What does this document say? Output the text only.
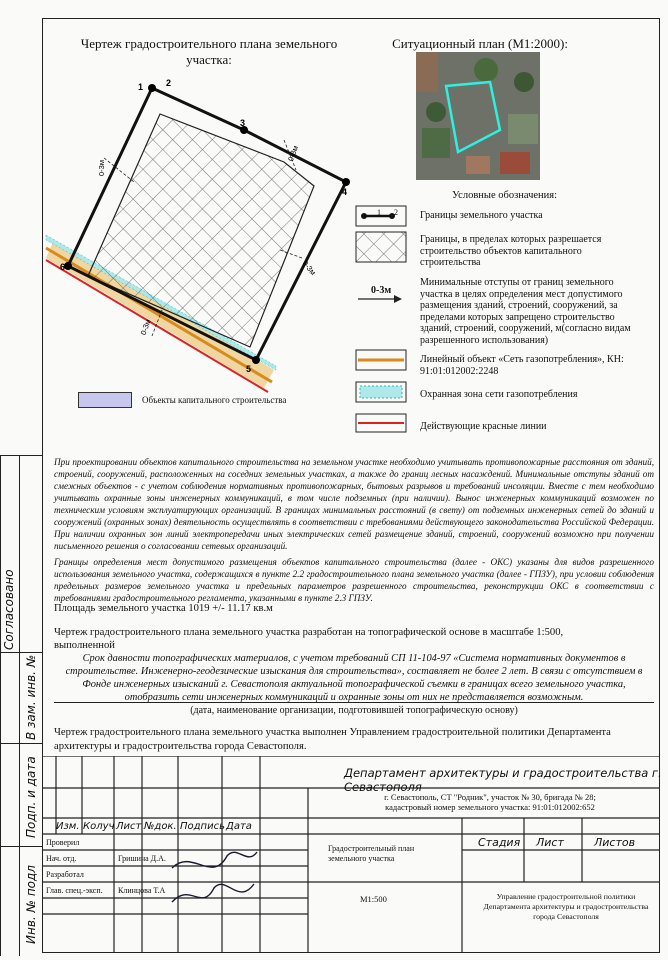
Чертеж градостроительного плана земельного участка:
Ситуационный план (М1:2000):
1	2
3
4
5
6
0-3м
0-3м
0-3м
0-3м
Объекты капитального строительства
Условные обозначения:
1 2
0-3м
Границы земельного участка
Границы, в пределах которых разрешается строительство объектов капитального строительства
Минимальные отступы от границ земельного участка в целях определения мест допустимого размещения зданий, строений, сооружений, за пределами которых запрещено строительство зданий, строений, сооружений, м(согласно видам разрешенного использования)
Линейный объект «Сеть газопотребления», КН: 91:01:012002:2248
Охранная зона сети газопотребления
Действующие красные линии
При проектировании объектов капитального строительства на земельном участке необходимо учитывать противопожарные расстояния от зданий, строений, сооружений, расположенных на соседних земельных участках, а также до границ лесных насаждений. Минимальные отступы зданий от смежных объектов - с учетом соблюдения нормативных противопожарных, бытовых разрывов и требований инсоляции. Вместе с тем необходимо учитывать охранные зоны инженерных коммуникаций, в том числе подземных (при наличии). Вынос инженерных коммуникаций возможен по техническим условиям эксплуатирующих организаций. В границах минимальных расстояний (в свету) от подземных инженерных сетей до зданий и сооружений (охранных зонах) деятельность осуществлять в соответствии с требованиями действующего законодательства Российской Федерации. При наличии охранных зон линий электропередачи иных электрических сетей размещение зданий, строений, сооружений возможно при получении письменного решения о согласовании сетевых организаций.
Границы определения мест допустимого размещения объектов капитального строительства (далее - ОКС) указаны для видов разрешенного использования земельного участка, содержащихся в пункте 2.2 градостроительного плана земельного участка (далее - ГПЗУ), при условии соблюдения предельных размеров земельного участка и предельных параметров разрешенного строительства, реконструкции ОКС в соответствии с требованиями градостроительного регламента, указанными в пункте 2.3 ГПЗУ.
Площадь земельного участка 1019 +/- 11.17 кв.м
Чертеж градостроительного плана земельного участка разработан на топографической основе в масштабе 1:500,
выполненной
Срок давности топографических материалов, с учетом требований СП 11-104-97 «Система нормативных документов в строительстве. Инженерно-геодезические изыскания для строительства», составляет не более 2 лет. В связи с отсутствием в Фонде инженерных изысканий г. Севастополя актуальной топографической съемки в границах всего земельного участка, отобразить сети инженерных коммуникаций и охранные зоны от них не представляется возможным.
(дата, наименование организации, подготовившей топографическую основу)
Чертеж градостроительного плана земельного участка выполнен Управлением градостроительной политики Департамента архитектуры и градостроительства города Севастополя.
Согласовано
В зам. инв. №
Подп. и дата
Инв. № подл
Департамент архитектуры и градостроительства г. Севастополя
г. Севастополь, СТ "Родник", участок № 30, бригада № 28;
кадастровый номер земельного участка: 91:01:012002:652
Изм. Колуч Лист №док. Подпись Дата
Проверил
Нач. отд.	Гришина Д.А.
Разработал
Глав. спец.-эксп. Клинцова Т.А
Градостроительный план земельного участка
Стадия Лист	Листов
М1:500	Управление градостроительной политики Департамента архитектуры и градостроительства города Севастополя
